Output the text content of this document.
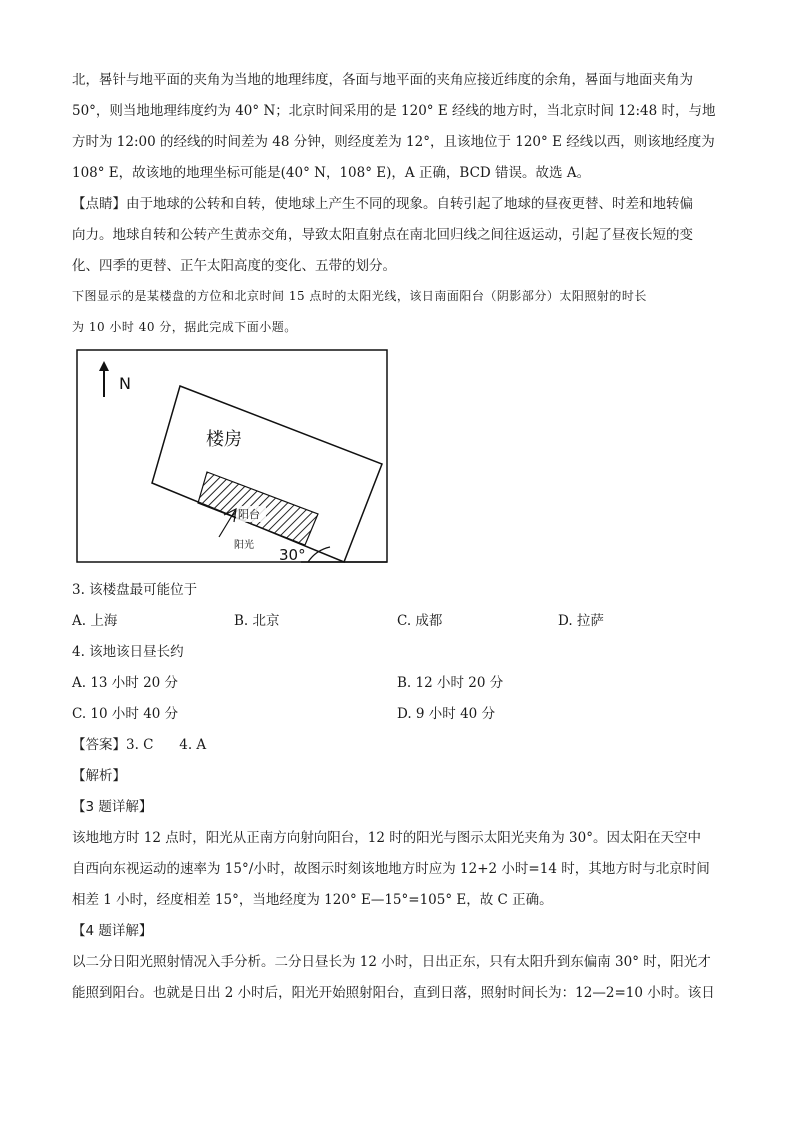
北，晷针与地平面的夹角为当地的地理纬度，各面与地平面的夹角应接近纬度的余角，晷面与地面夹角为
50°，则当地地理纬度约为 40° N；北京时间采用的是 120° E 经线的地方时，当北京时间 12:48 时，与地
方时为 12:00 的经线的时间差为 48 分钟，则经度差为 12°，且该地位于 120° E 经线以西，则该地经度为
108° E，故该地的地理坐标可能是(40° N，108° E)，A 正确，BCD 错误。故选 A。
【点睛】由于地球的公转和自转，使地球上产生不同的现象。自转引起了地球的昼夜更替、时差和地转偏
向力。地球自转和公转产生黄赤交角，导致太阳直射点在南北回归线之间往返运动，引起了昼夜长短的变
化、四季的更替、正午太阳高度的变化、五带的划分。
下图显示的是某楼盘的方位和北京时间 15 点时的太阳光线，该日南面阳台（阴影部分）太阳照射的时长
为 10 小时 40 分，据此完成下面小题。
N
楼房
阳台
阳光
30°
3. 该楼盘最可能位于
A. 上海	B. 北京	C. 成都	D. 拉萨
4. 该地该日昼长约
A. 13 小时 20 分	B. 12 小时 20 分
C. 10 小时 40 分	D. 9 小时 40 分
【答案】3. C      4. A
【解析】
【3 题详解】
该地地方时 12 点时，阳光从正南方向射向阳台，12 时的阳光与图示太阳光夹角为 30°。因太阳在天空中
自西向东视运动的速率为 15°/小时，故图示时刻该地地方时应为 12+2 小时=14 时，其地方时与北京时间
相差 1 小时，经度相差 15°，当地经度为 120° E—15°=105° E，故 C 正确。
【4 题详解】
以二分日阳光照射情况入手分析。二分日昼长为 12 小时，日出正东，只有太阳升到东偏南 30° 时，阳光才
能照到阳台。也就是日出 2 小时后，阳光开始照射阳台，直到日落，照射时间长为：12—2=10 小时。该日
